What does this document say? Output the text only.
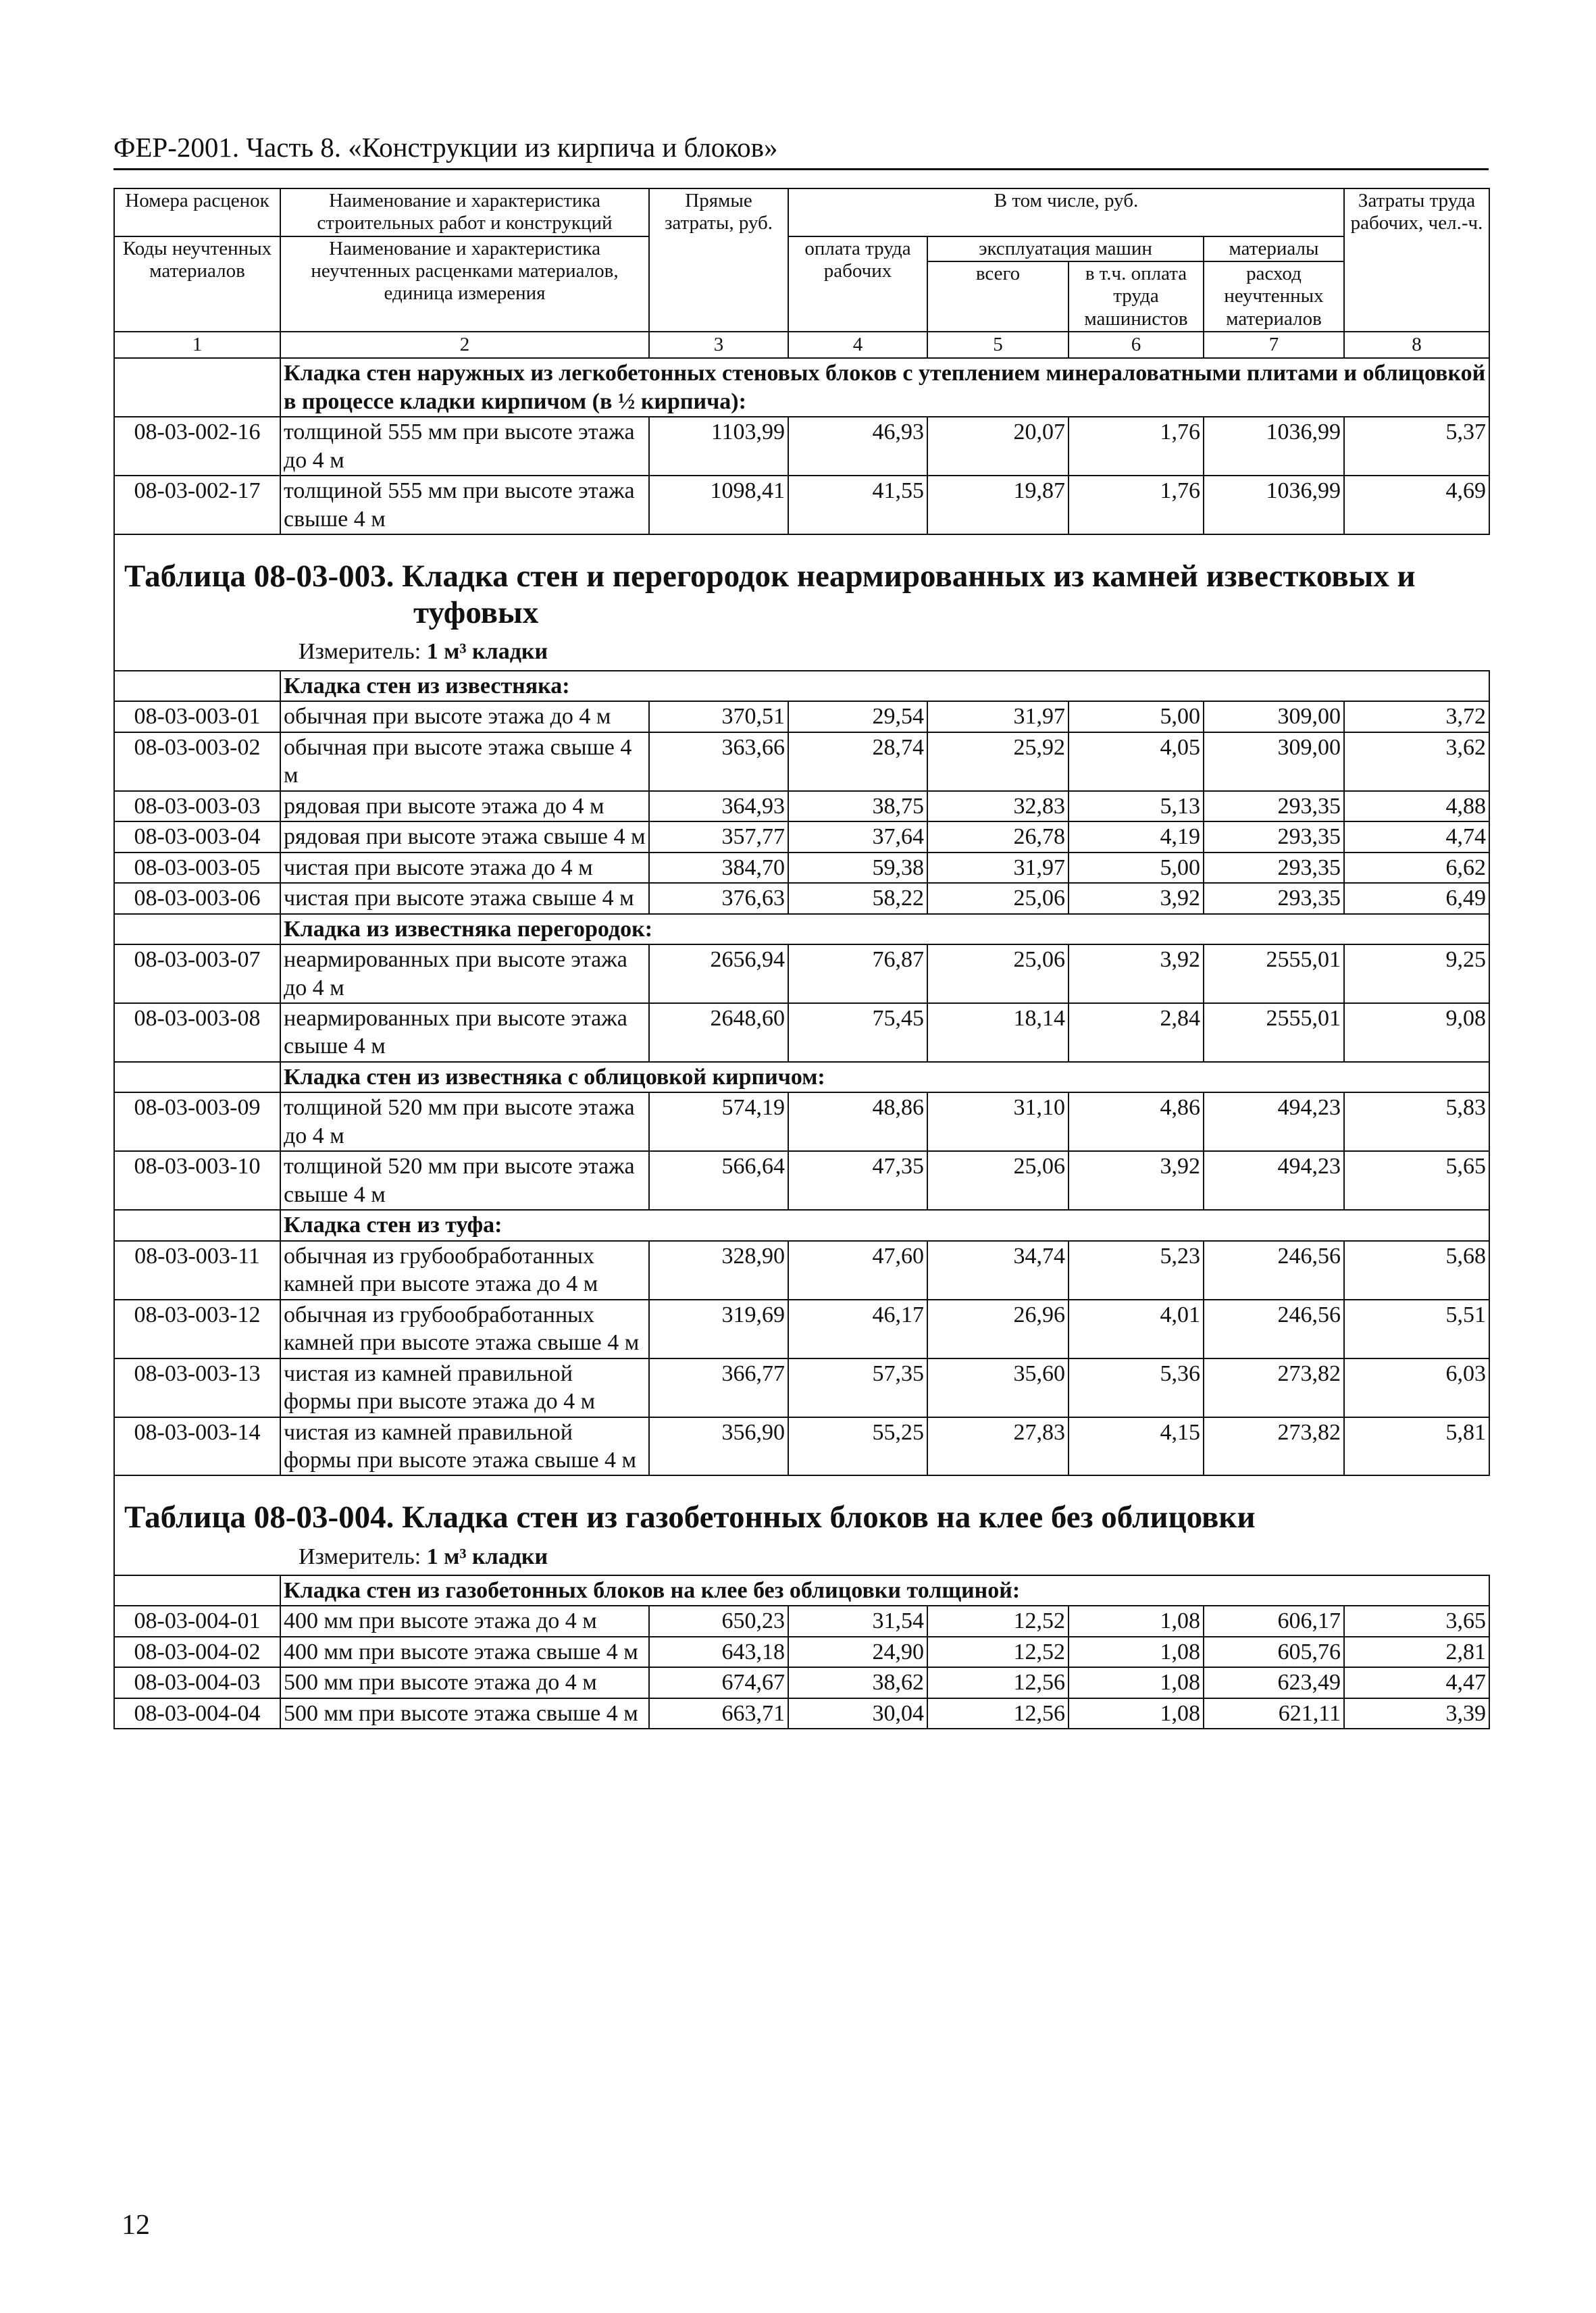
ФЕР-2001. Часть 8. «Конструкции из кирпича и блоков»
Номера расценок	Наименование и характеристика строительных работ и конструкций	Прямые затраты, руб.	В том числе, руб.				Затраты труда рабочих, чел.-ч.
Коды неучтенных материалов	Наименование и характеристика неучтенных расценками материалов, единица измерения		оплата труда рабочих	эксплуатация машин		материалы	
				всего	в т.ч. оплата труда машинистов	расход неучтенных материалов	
1	2	3	4	5	6	7	8
	Кладка стен наружных из легкобетонных стеновых блоков с утеплением минераловатными плитами и облицовкой в процессе кладки кирпичом (в ½ кирпича):						
08-03-002-16	толщиной 555 мм при высоте этажа до 4 м	1103,99	46,93	20,07	1,76	1036,99	5,37
08-03-002-17	толщиной 555 мм при высоте этажа свыше 4 м	1098,41	41,55	19,87	1,76	1036,99	4,69

Таблица 08-03-003. Кладка стен и перегородок неармированных из камней известковых и
туфовых
Измеритель: 1 м³ кладки							

	Кладка стен из известняка:						
08-03-003-01	обычная при высоте этажа до 4 м	370,51	29,54	31,97	5,00	309,00	3,72
08-03-003-02	обычная при высоте этажа свыше 4 м	363,66	28,74	25,92	4,05	309,00	3,62
08-03-003-03	рядовая при высоте этажа до 4 м	364,93	38,75	32,83	5,13	293,35	4,88
08-03-003-04	рядовая при высоте этажа свыше 4 м	357,77	37,64	26,78	4,19	293,35	4,74
08-03-003-05	чистая при высоте этажа до 4 м	384,70	59,38	31,97	5,00	293,35	6,62
08-03-003-06	чистая при высоте этажа свыше 4 м	376,63	58,22	25,06	3,92	293,35	6,49
	Кладка из известняка перегородок:						
08-03-003-07	неармированных при высоте этажа до 4 м	2656,94	76,87	25,06	3,92	2555,01	9,25
08-03-003-08	неармированных при высоте этажа свыше 4 м	2648,60	75,45	18,14	2,84	2555,01	9,08
	Кладка стен из известняка с облицовкой кирпичом:						
08-03-003-09	толщиной 520 мм при высоте этажа до 4 м	574,19	48,86	31,10	4,86	494,23	5,83
08-03-003-10	толщиной 520 мм при высоте этажа свыше 4 м	566,64	47,35	25,06	3,92	494,23	5,65
	Кладка стен из туфа:						
08-03-003-11	обычная из грубообработанных камней при высоте этажа до 4 м	328,90	47,60	34,74	5,23	246,56	5,68
08-03-003-12	обычная из грубообработанных камней при высоте этажа свыше 4 м	319,69	46,17	26,96	4,01	246,56	5,51
08-03-003-13	чистая из камней правильной формы при высоте этажа до 4 м	366,77	57,35	35,60	5,36	273,82	6,03
08-03-003-14	чистая из камней правильной формы при высоте этажа свыше 4 м	356,90	55,25	27,83	4,15	273,82	5,81

Таблица 08-03-004. Кладка стен из газобетонных блоков на клее без облицовки
Измеритель: 1 м³ кладки							

	Кладка стен из газобетонных блоков на клее без облицовки толщиной:						
08-03-004-01	400 мм при высоте этажа до 4 м	650,23	31,54	12,52	1,08	606,17	3,65
08-03-004-02	400 мм при высоте этажа свыше 4 м	643,18	24,90	12,52	1,08	605,76	2,81
08-03-004-03	500 мм при высоте этажа до 4 м	674,67	38,62	12,56	1,08	623,49	4,47
08-03-004-04	500 мм при высоте этажа свыше 4 м	663,71	30,04	12,56	1,08	621,11	3,39
12
